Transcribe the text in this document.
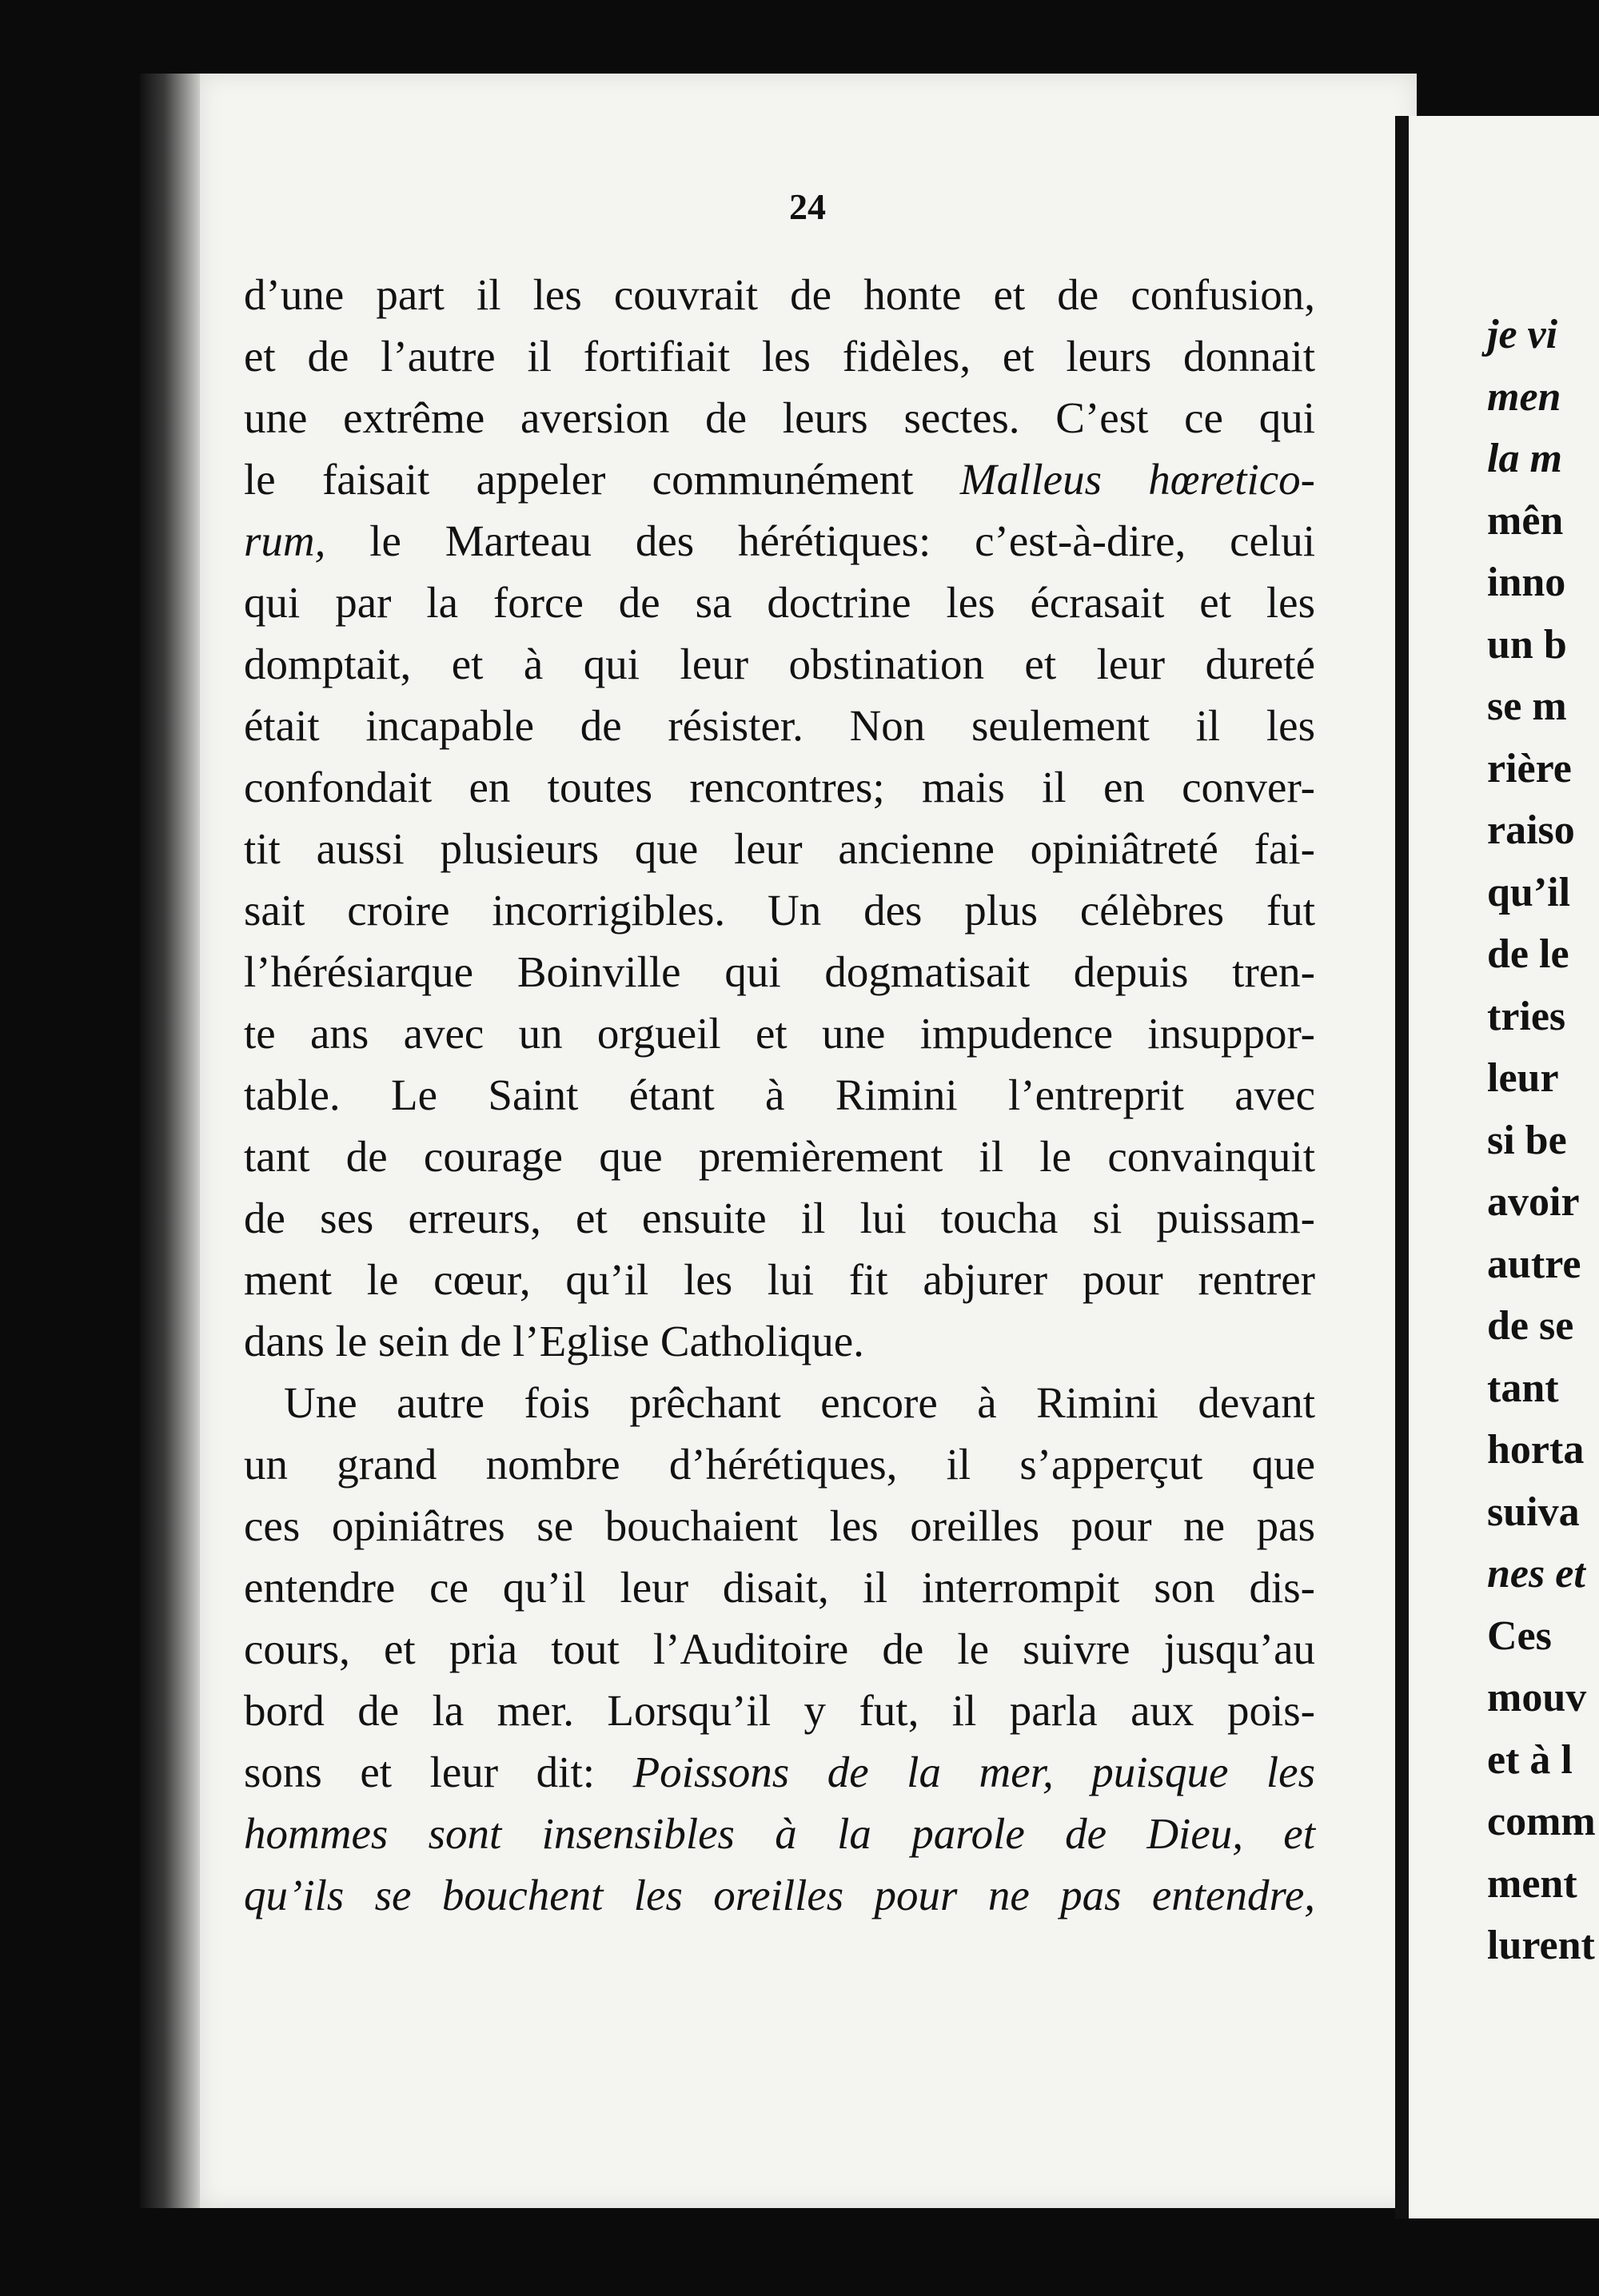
24
d’une part il les couvrait de honte et de confusion,
et de l’autre il fortifiait les fidèles, et leurs donnait
une extrême aversion de leurs sectes. C’est ce qui
le faisait appeler communément Malleus hœretico-
rum, le Marteau des hérétiques: c’est-à-dire, celui
qui par la force de sa doctrine les écrasait et les
domptait, et à qui leur obstination et leur dureté
était incapable de résister. Non seulement il les
confondait en toutes rencontres; mais il en conver-
tit aussi plusieurs que leur ancienne opiniâtreté fai-
sait croire incorrigibles. Un des plus célèbres fut
l’hérésiarque Boinville qui dogmatisait depuis tren-
te ans avec un orgueil et une impudence insuppor-
table. Le Saint étant à Rimini l’entreprit avec
tant de courage que premièrement il le convainquit
de ses erreurs, et ensuite il lui toucha si puissam-
ment le cœur, qu’il les lui fit abjurer pour rentrer
dans le sein de l’Eglise Catholique.
Une autre fois prêchant encore à Rimini devant
un grand nombre d’hérétiques, il s’apperçut que
ces opiniâtres se bouchaient les oreilles pour ne pas
entendre ce qu’il leur disait, il interrompit son dis-
cours, et pria tout l’Auditoire de le suivre jusqu’au
bord de la mer. Lorsqu’il y fut, il parla aux pois-
sons et leur dit: Poissons de la mer, puisque les
hommes sont insensibles à la parole de Dieu, et
qu’ils se bouchent les oreilles pour ne pas entendre,
je vi
men
la m
mên
inno
un b
se m
rière
raiso
qu’il
de le
tries
leur
si be
avoir
autre
de se
tant
horta
suiva
nes et
Ces
mouv
et à l
comm
ment
lurent
